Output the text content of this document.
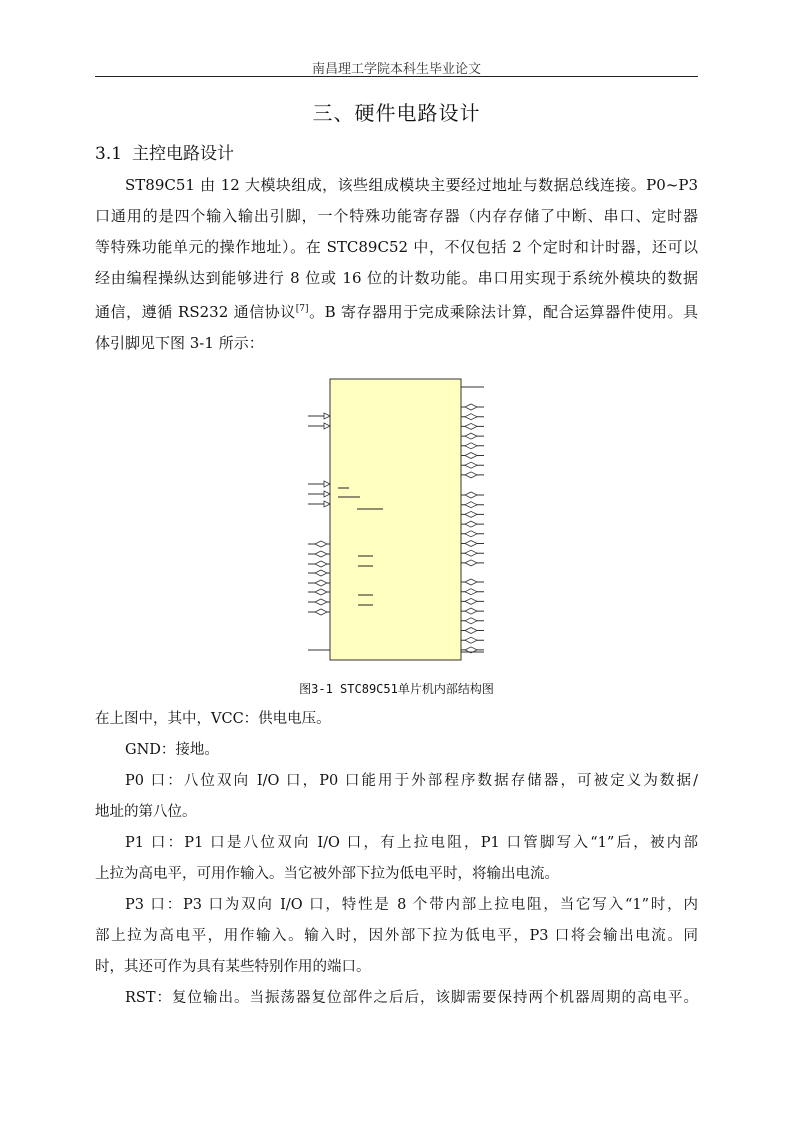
南昌理工学院本科生毕业论文
三、硬件电路设计
3.1 主控电路设计
ST89C51 由 12 大模块组成，该些组成模块主要经过地址与数据总线连接。P0~P3
口通用的是四个输入输出引脚，一个特殊功能寄存器（内存存储了中断、串口、定时器
等特殊功能单元的操作地址）。在 STC89C52 中，不仅包括 2 个定时和计时器，还可以
经由编程操纵达到能够进行 8 位或 16 位的计数功能。串口用实现于系统外模块的数据
通信，遵循 RS232 通信协议[7]。B 寄存器用于完成乘除法计算，配合运算器件使用。具
体引脚见下图 3-1 所示：
图3-1 STC89C51单片机内部结构图
在上图中，其中，VCC：供电电压。
GND：接地。
P0 口：八位双向 I/O 口，P0 口能用于外部程序数据存储器，可被定义为数据/
地址的第八位。
P1 口：P1 口是八位双向 I/O 口，有上拉电阻，P1 口管脚写入“1”后，被内部
上拉为高电平，可用作输入。当它被外部下拉为低电平时，将输出电流。
P3 口：P3 口为双向 I/O 口，特性是 8 个带内部上拉电阻，当它写入“1”时，内
部上拉为高电平，用作输入。输入时，因外部下拉为低电平，P3 口将会输出电流。同
时，其还可作为具有某些特别作用的端口。
RST：复位输出。当振荡器复位部件之后后，该脚需要保持两个机器周期的高电平。
